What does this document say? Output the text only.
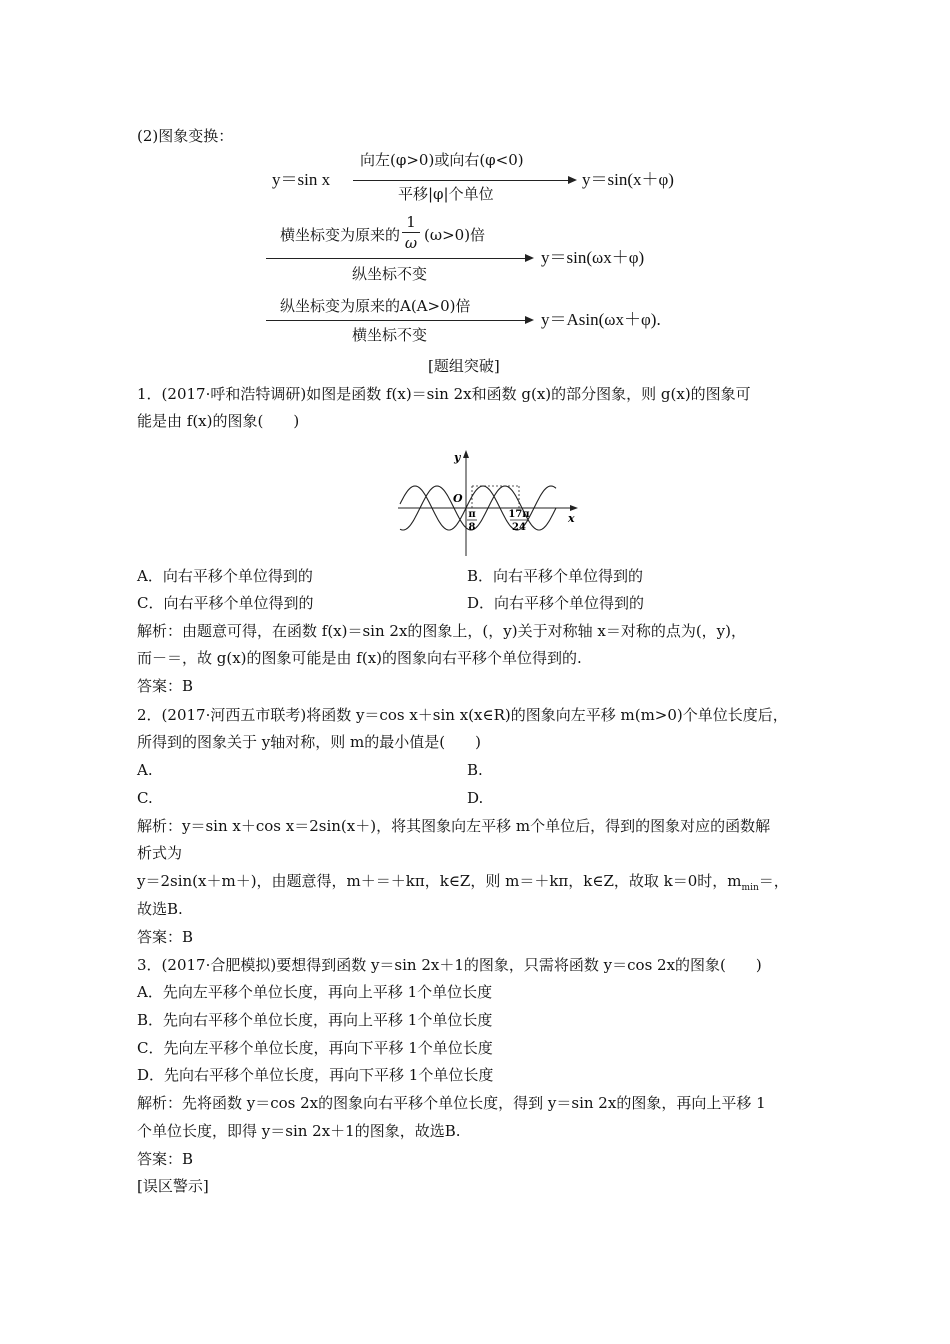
(2)图象变换：
y＝sin x
向左(φ>0)或向右(φ<0)
平移|φ|个单位
y＝sin(x＋φ)
横坐标变为原来的
1
ω (ω>0)倍
纵坐标不变
y＝sin(ωx＋φ)
纵坐标变为原来的A(A>0)倍
横坐标不变
y＝Asin(ωx＋φ).
[题组突破]
1．(2017·呼和浩特调研)如图是函数 f(x)＝sin 2x和函数 g(x)的部分图象，则 g(x)的图象可
能是由 f(x)的图象(　　)
y
x
O
π
8
17π
24
A．向右平移个单位得到的	B．向右平移个单位得到的
C．向右平移个单位得到的	D．向右平移个单位得到的
解析：由题意可得，在函数 f(x)＝sin 2x的图象上，(，y)关于对称轴 x＝对称的点为(，y)，
而－＝，故 g(x)的图象可能是由 f(x)的图象向右平移个单位得到的.
答案：B
2．(2017·河西五市联考)将函数 y＝cos x＋sin x(x∈R)的图象向左平移 m(m>0)个单位长度后，
所得到的图象关于 y轴对称，则 m的最小值是(　　)
A.	B.
C.	D.
解析：y＝sin x＋cos x＝2sin(x＋)，将其图象向左平移 m个单位后，得到的图象对应的函数解
析式为
y＝2sin(x＋m＋)，由题意得，m＋＝＋kπ，k∈Z，则 m＝＋kπ，k∈Z，故取 k＝0时，$m_{min}=$，
故选B.
答案：B
3．(2017·合肥模拟)要想得到函数 y＝sin 2x＋1的图象，只需将函数 y＝cos 2x的图象(　　)
A．先向左平移个单位长度，再向上平移 1个单位长度
B．先向右平移个单位长度，再向上平移 1个单位长度
C．先向左平移个单位长度，再向下平移 1个单位长度
D．先向右平移个单位长度，再向下平移 1个单位长度
解析：先将函数 y＝cos 2x的图象向右平移个单位长度，得到 y＝sin 2x的图象，再向上平移 1
个单位长度，即得 y＝sin 2x＋1的图象，故选B.
答案：B
[误区警示]
